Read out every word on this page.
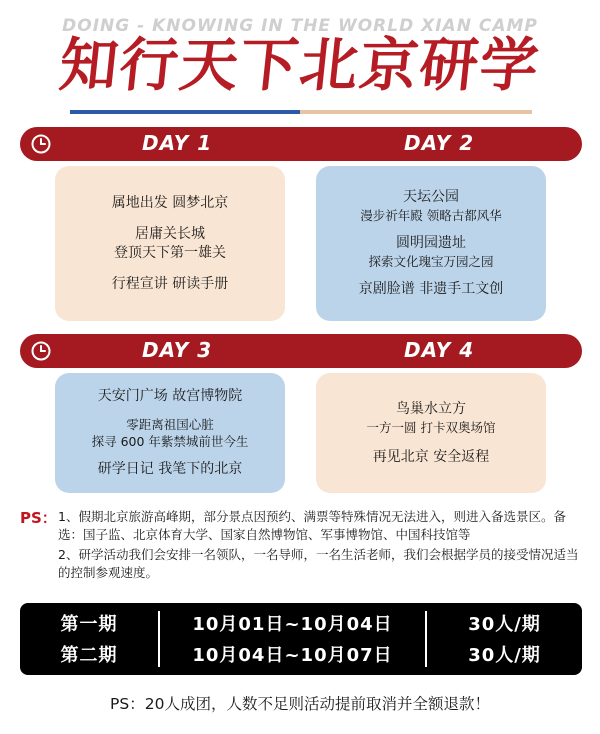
DOING - KNOWING IN THE WORLD XIAN CAMP
知行天下北京研学
DAY 1	DAY 2
属地出发 圆梦北京
居庸关长城
登顶天下第一雄关
行程宣讲 研读手册
天坛公园
漫步祈年殿 领略古都风华
圆明园遗址
探索文化瑰宝万园之园
京剧脸谱 非遗手工文创
DAY 3	DAY 4
天安门广场 故宫博物院
零距离祖国心脏
探寻 600 年紫禁城前世今生
研学日记 我笔下的北京
鸟巢水立方
一方一圆 打卡双奥场馆
再见北京 安全返程
PS： 1、假期北京旅游高峰期，部分景点因预约、满票等特殊情况无法进入，则进入备选景区。备选：国子监、北京体育大学、国家自然博物馆、军事博物馆、中国科技馆等
2、研学活动我们会安排一名领队，一名导师，一名生活老师，我们会根据学员的接受情况适当的控制参观速度。
第一期	10月01日~10月04日	30人/期
第二期	10月04日~10月07日	30人/期
PS：20人成团，人数不足则活动提前取消并全额退款！
